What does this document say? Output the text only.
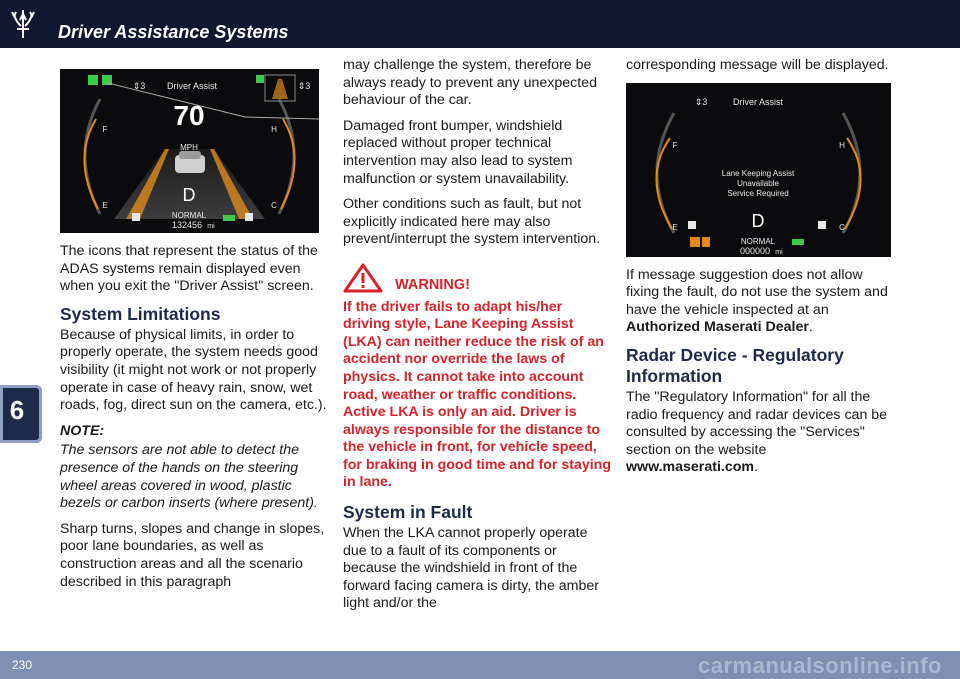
Driver Assistance Systems
6
⇕3	Driver Assist	⇕3
70
MPH
D
NORMAL
132456 mi
F
E
H
C

The icons that represent the status of the ADAS systems remain displayed even when you exit the "Driver Assist" screen.

System Limitations

Because of physical limits, in order to properly operate, the system needs good visibility (it might not work or not properly operate in case of heavy rain, snow, wet roads, fog, direct sun on the camera, etc.).

NOTE:

The sensors are not able to detect the presence of the hands on the steering wheel areas covered in wood, plastic bezels or carbon inserts (where present).

Sharp turns, slopes and change in slopes, poor lane boundaries, as well as construction areas and all the scenario described in this paragraph

may challenge the system, therefore be always ready to prevent any unexpected behaviour of the car.

Damaged front bumper, windshield replaced without proper technical intervention may also lead to system malfunction or system unavailability.

Other conditions such as fault, but not explicitly indicated here may also prevent/interrupt the system intervention.

WARNING!

If the driver fails to adapt his/her driving style, Lane Keeping Assist (LKA) can neither reduce the risk of an accident nor override the laws of physics. It cannot take into account road, weather or traffic conditions. Active LKA is only an aid. Driver is always responsible for the distance to the vehicle in front, for vehicle speed, for braking in good time and for staying in lane.

System in Fault

When the LKA cannot properly operate due to a fault of its components or because the windshield in front of the forward facing camera is dirty, the amber light and/or the

corresponding message will be displayed.

⇕3	Driver Assist
Lane Keeping Assist
Unavailable
Service Required
D
NORMAL
000000 mi
F
E
H
C

If message suggestion does not allow fixing the fault, do not use the system and have the vehicle inspected at an Authorized Maserati Dealer.

Radar Device - Regulatory Information

The "Regulatory Information" for all the radio frequency and radar devices can be consulted by accessing the "Services" section on the website www.maserati.com.

230	carmanualsonline.info
